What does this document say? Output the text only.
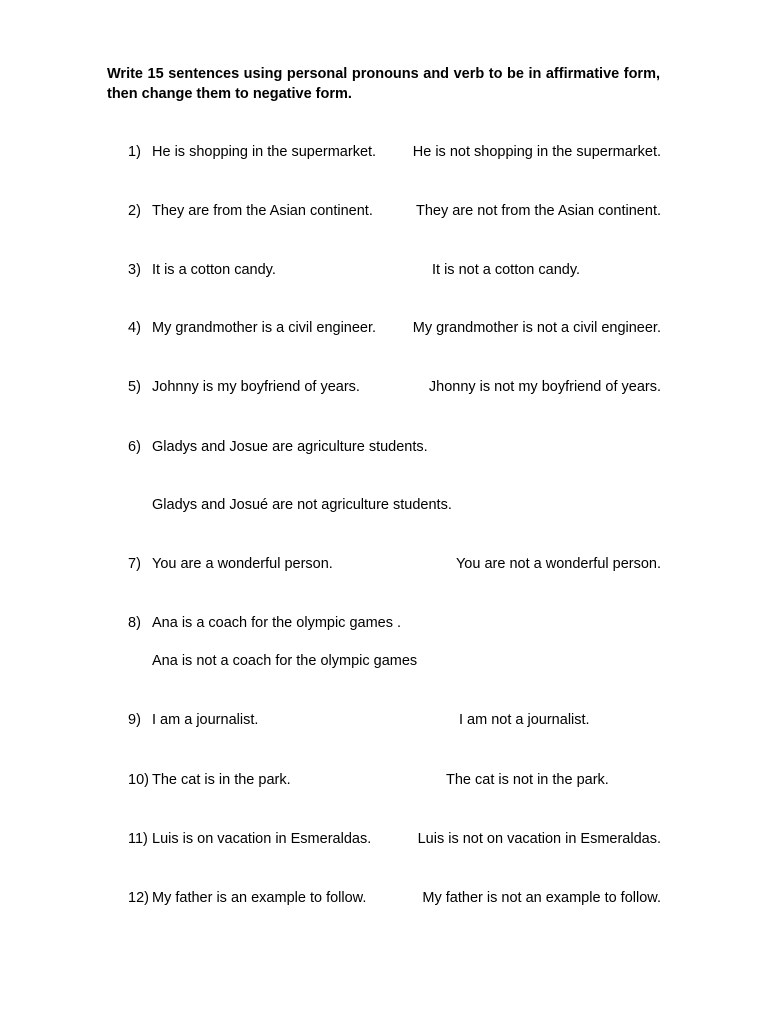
Write 15 sentences using personal pronouns and verb to be in affirmative form, then change them to negative form.

1) He is shopping in the supermarket.	He is not shopping in the supermarket.
2) They are from the Asian continent.	They are not from the Asian continent.
3) It is a cotton candy.	It is not a cotton candy.
4) My grandmother is a civil engineer.	My grandmother is not a civil engineer.
5) Johnny is my boyfriend of years.	Jhonny is not my boyfriend of years.
6) Gladys and Josue are agriculture students.
Gladys and Josué are not agriculture students.
7) You are a wonderful person.	You are not a wonderful person.
8) Ana is a coach for the olympic games .
Ana is not a coach for the olympic games
9) I am a journalist.	I am not a journalist.
10) The cat is in the park.	The cat is not in the park.
11) Luis is on vacation in Esmeraldas.	Luis is not on vacation in Esmeraldas.
12) My father is an example to follow.	My father is not an example to follow.
